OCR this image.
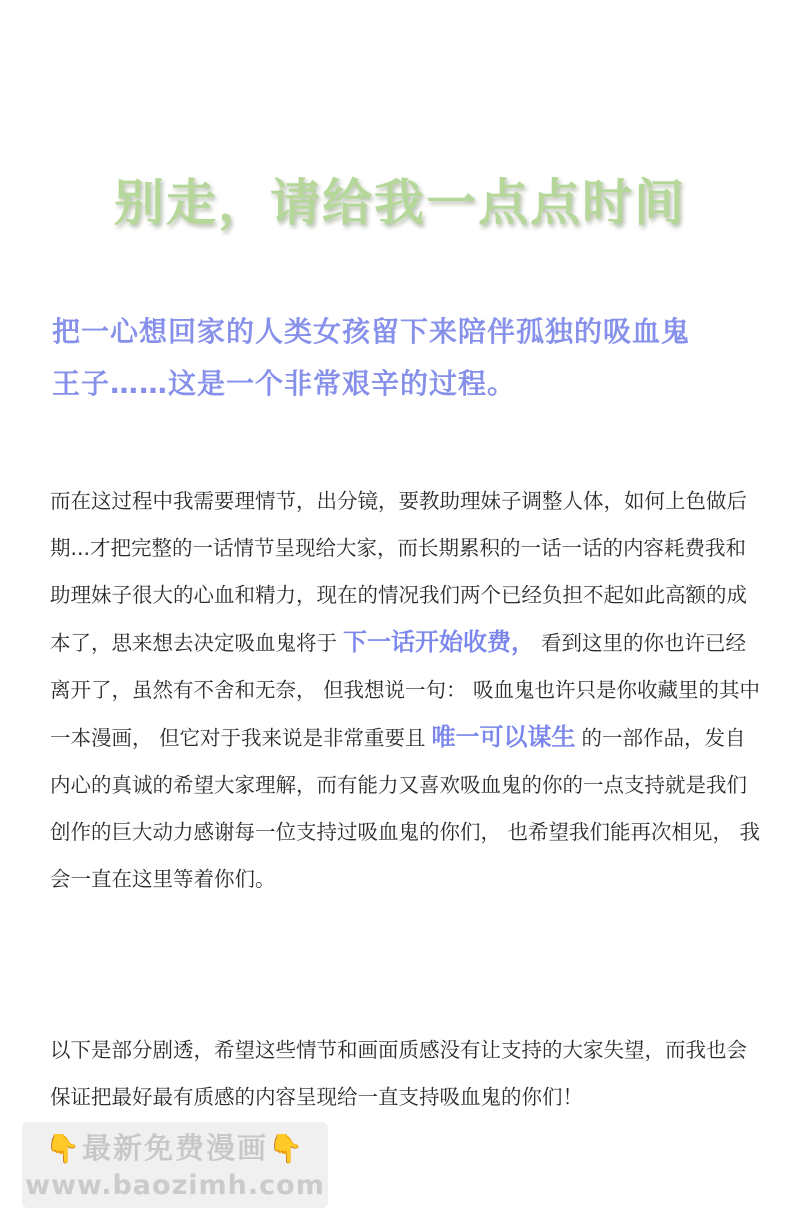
别走，请给我一点点时间

把一心想回家的人类女孩留下来陪伴孤独的吸血鬼
王子……这是一个非常艰辛的过程。

而在这过程中我需要理情节，出分镜，要教助理妹子调整人体，如何上色做后期...才把完整的一话情节呈现给大家，而长期累积的一话一话的内容耗费我和助理妹子很大的心血和精力，现在的情况我们两个已经负担不起如此高额的成本了，思来想去决定吸血鬼将于 下一话开始收费， 看到这里的你也许已经离开了，虽然有不舍和无奈， 但我想说一句： 吸血鬼也许只是你收藏里的其中一本漫画， 但它对于我来说是非常重要且 唯一可以谋生 的一部作品，发自内心的真诚的希望大家理解，而有能力又喜欢吸血鬼的你的一点支持就是我们创作的巨大动力感谢每一位支持过吸血鬼的你们， 也希望我们能再次相见， 我会一直在这里等着你们。

以下是部分剧透，希望这些情节和画面质感没有让支持的大家失望，而我也会保证把最好最有质感的内容呈现给一直支持吸血鬼的你们！

👇最新免费漫画👇
www.baozimh.com
